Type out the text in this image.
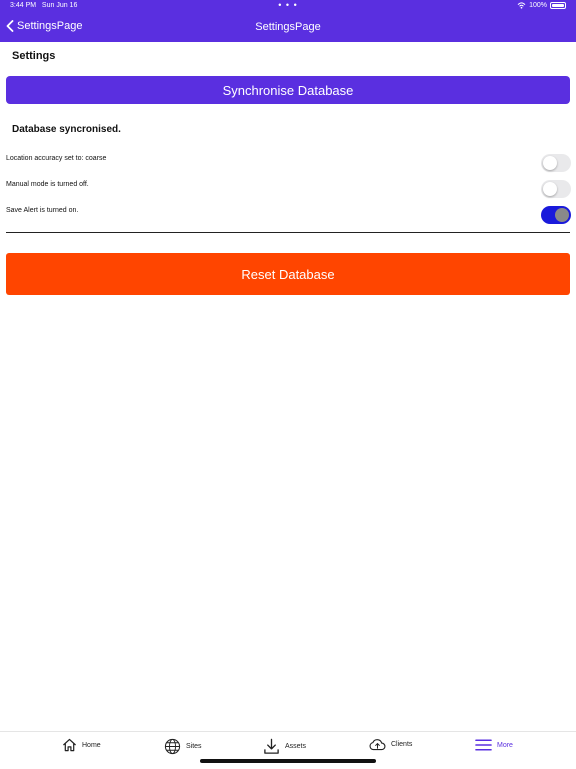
3:44 PM Sun Jun 16	• • •	100%
SettingsPage	SettingsPage
Settings
Synchronise Database
Database syncronised.
Location accuracy set to: coarse
Manual mode is turned off.
Save Alert is turned on.
Reset Database
Home	Sites	Assets	Clients	More
